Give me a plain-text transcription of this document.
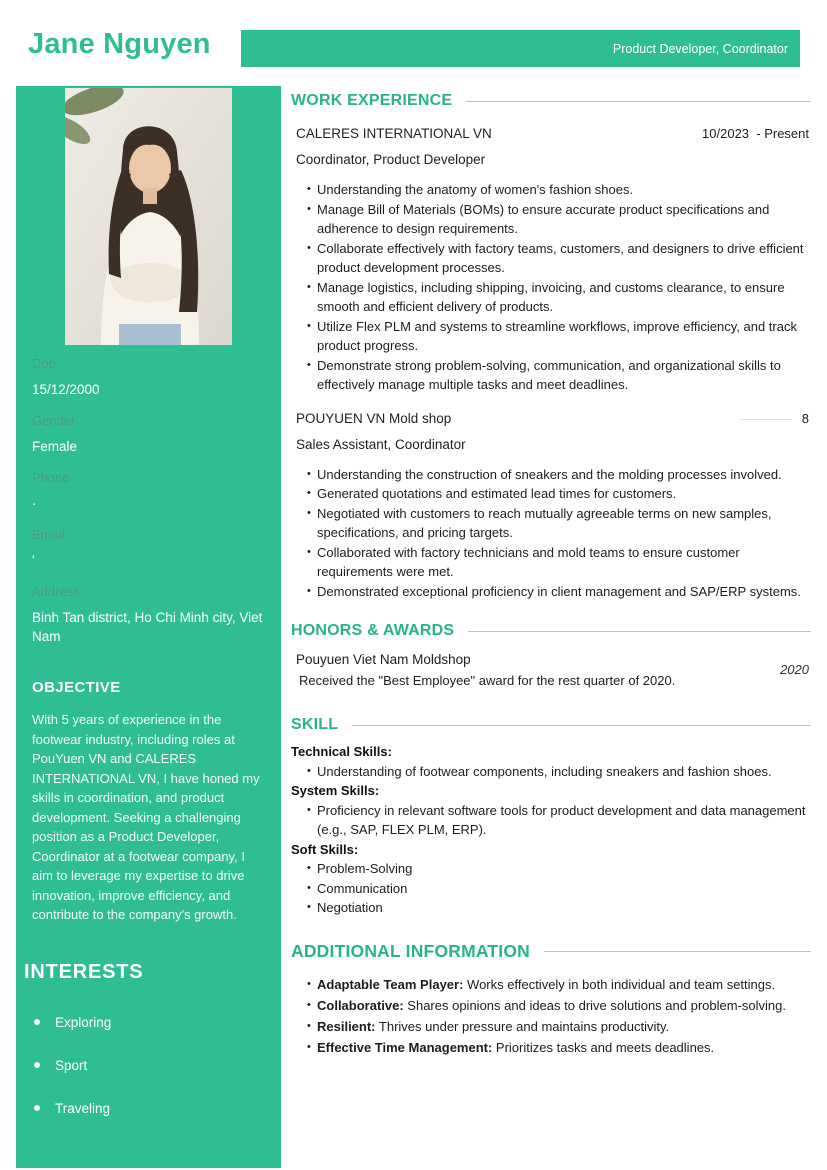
Jane Nguyen	Product Developer, Coordinator
Dob
15/12/2000
Gender
Female
Phone
·
Email
'
Address
Binh Tan district, Ho Chi Minh city, Viet Nam
OBJECTIVE

With 5 years of experience in the footwear industry, including roles at PouYuen VN and CALERES INTERNATIONAL VN, I have honed my skills in coordination, and product development. Seeking a challenging position as a Product Developer, Coordinator at a footwear company, I aim to leverage my expertise to drive innovation, improve efficiency, and contribute to the company's growth.

INTERESTS
Exploring
Sport
Traveling
WORK EXPERIENCE
CALERES INTERNATIONAL VN	10/2023  - Present
Coordinator, Product Developer
• Understanding the anatomy of women's fashion shoes.
• Manage Bill of Materials (BOMs) to ensure accurate product specifications and adherence to design requirements.
• Collaborate effectively with factory teams, customers, and designers to drive efficient product development processes.
• Manage logistics, including shipping, invoicing, and customs clearance, to ensure smooth and efficient delivery of products.
• Utilize Flex PLM and systems to streamline workflows, improve efficiency, and track product progress.
• Demonstrate strong problem-solving, communication, and organizational skills to effectively manage multiple tasks and meet deadlines.
POUYUEN VN Mold shop	8
Sales Assistant, Coordinator
• Understanding the construction of sneakers and the molding processes involved.
• Generated quotations and estimated lead times for customers.
• Negotiated with customers to reach mutually agreeable terms on new samples, specifications, and pricing targets.
• Collaborated with factory technicians and mold teams to ensure customer requirements were met.
• Demonstrated exceptional proficiency in client management and SAP/ERP systems.
HONORS & AWARDS
Pouyuen Viet Nam Moldshop
Received the "Best Employee" award for the rest quarter of 2020.
2020
SKILL
Technical Skills:
• Understanding of footwear components, including sneakers and fashion shoes.
System Skills:
• Proficiency in relevant software tools for product development and data management (e.g., SAP, FLEX PLM, ERP).
Soft Skills:
• Problem-Solving
• Communication
• Negotiation
ADDITIONAL INFORMATION
• Adaptable Team Player: Works effectively in both individual and team settings.
• Collaborative: Shares opinions and ideas to drive solutions and problem-solving.
• Resilient: Thrives under pressure and maintains productivity.
• Effective Time Management: Prioritizes tasks and meets deadlines.
